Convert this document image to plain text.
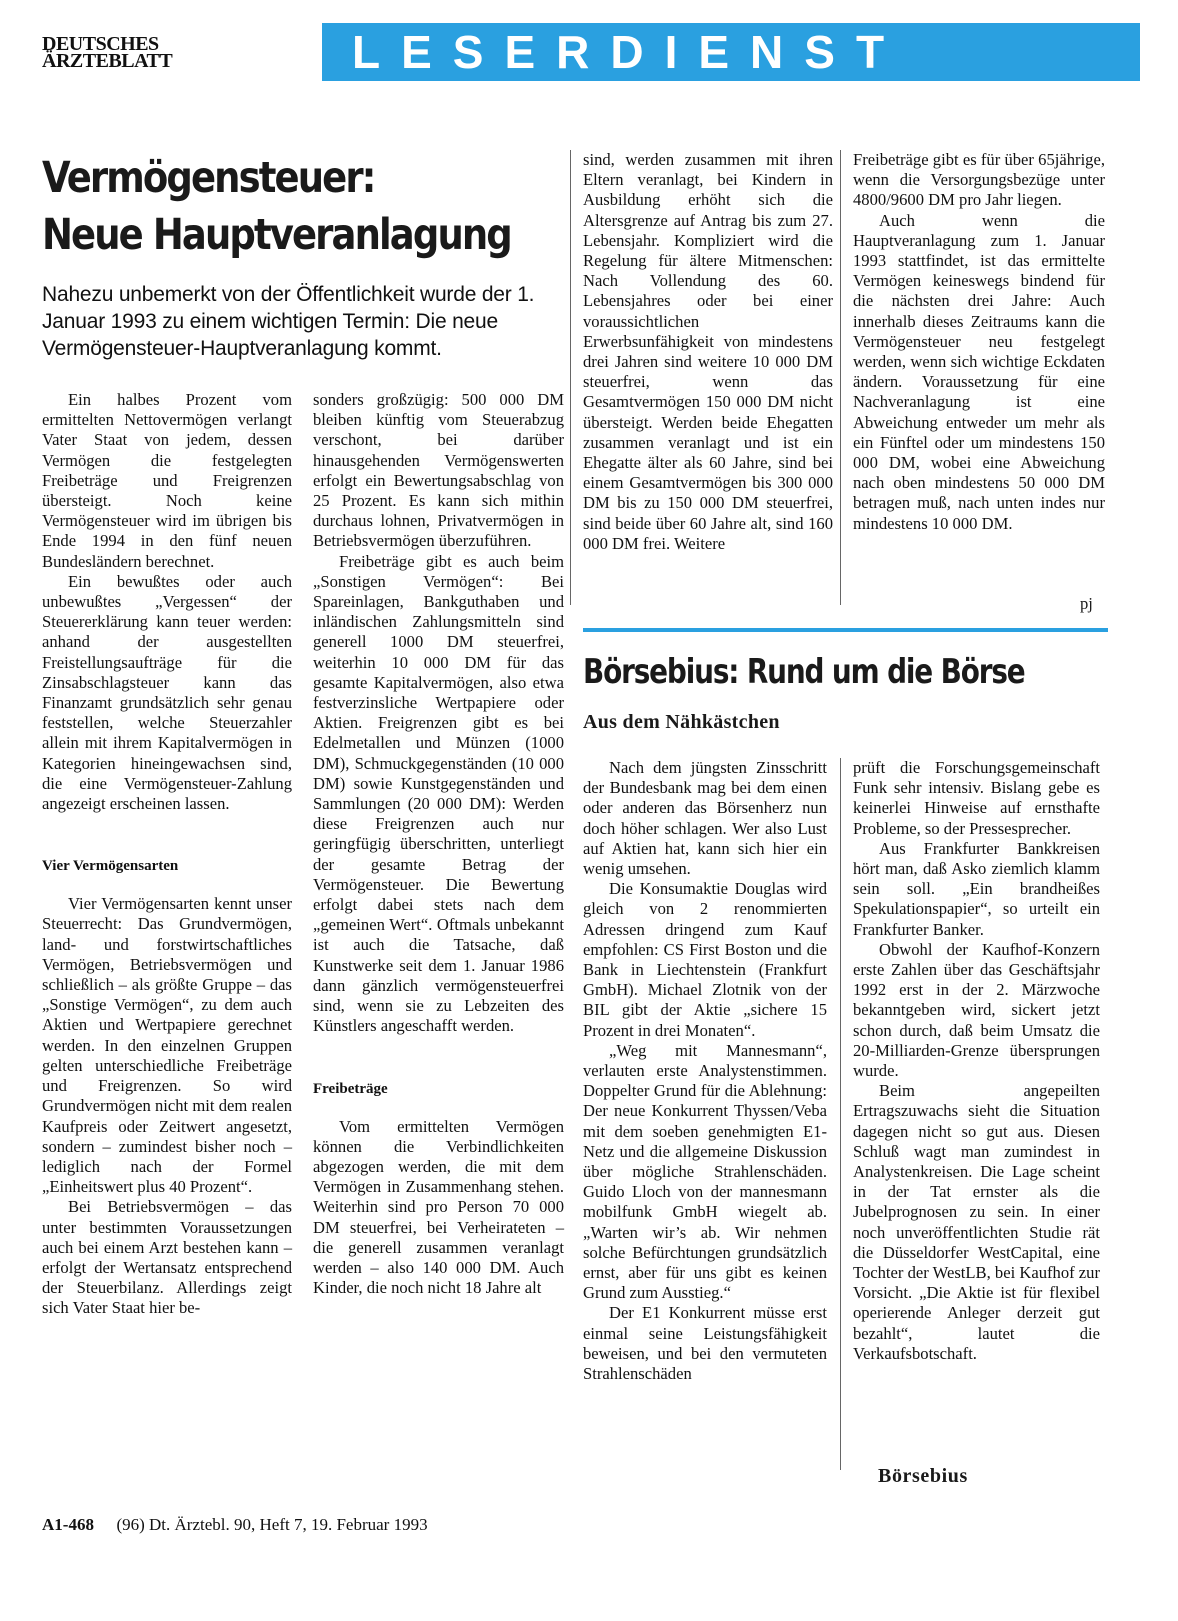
DEUTSCHES
ÄRZTEBLATT	LESERDIENST
Vermögensteuer:
Neue Hauptveranlagung
Nahezu unbemerkt von der Öffentlichkeit wurde der 1. Januar 1993 zu einem wichtigen Termin: Die neue Vermögensteuer-Hauptveranlagung kommt.

Ein halbes Prozent vom ermittelten Nettovermögen verlangt Vater Staat von jedem, dessen Vermögen die festgelegten Freibeträge und Freigrenzen übersteigt. Noch keine Vermögensteuer wird im übrigen bis Ende 1994 in den fünf neuen Bundesländern berechnet.

Ein bewußtes oder auch unbewußtes „Vergessen“ der Steuererklärung kann teuer werden: anhand der ausgestellten Freistellungsaufträge für die Zinsabschlagsteuer kann das Finanzamt grundsätzlich sehr genau feststellen, welche Steuerzahler allein mit ihrem Kapitalvermögen in Kategorien hineingewachsen sind, die eine Vermögensteuer-Zahlung angezeigt erscheinen lassen.

Vier Vermögensarten

Vier Vermögensarten kennt unser Steuerrecht: Das Grundvermögen, land- und forstwirtschaftliches Vermögen, Betriebsvermögen und schließlich – als größte Gruppe – das „Sonstige Vermögen“, zu dem auch Aktien und Wertpapiere gerechnet werden. In den einzelnen Gruppen gelten unterschiedliche Freibeträge und Freigrenzen. So wird Grundvermögen nicht mit dem realen Kaufpreis oder Zeitwert angesetzt, sondern – zumindest bisher noch – lediglich nach der Formel „Einheitswert plus 40 Prozent“.

Bei Betriebsvermögen – das unter bestimmten Voraussetzungen auch bei einem Arzt bestehen kann – erfolgt der Wertansatz entsprechend der Steuerbilanz. Allerdings zeigt sich Vater Staat hier be-

sonders großzügig: 500 000 DM bleiben künftig vom Steuerabzug verschont, bei darüber hinausgehenden Vermögenswerten erfolgt ein Bewertungsabschlag von 25 Prozent. Es kann sich mithin durchaus lohnen, Privatvermögen in Betriebsvermögen überzuführen.

Freibeträge gibt es auch beim „Sonstigen Vermögen“: Bei Spareinlagen, Bankguthaben und inländischen Zahlungsmitteln sind generell 1000 DM steuerfrei, weiterhin 10 000 DM für das gesamte Kapitalvermögen, also etwa festverzinsliche Wertpapiere oder Aktien. Freigrenzen gibt es bei Edelmetallen und Münzen (1000 DM), Schmuckgegenständen (10 000 DM) sowie Kunstgegenständen und Sammlungen (20 000 DM): Werden diese Freigrenzen auch nur geringfügig überschritten, unterliegt der gesamte Betrag der Vermögensteuer. Die Bewertung erfolgt dabei stets nach dem „gemeinen Wert“. Oftmals unbekannt ist auch die Tatsache, daß Kunstwerke seit dem 1. Januar 1986 dann gänzlich vermögensteuerfrei sind, wenn sie zu Lebzeiten des Künstlers angeschafft werden.

Freibeträge

Vom ermittelten Vermögen können die Verbindlichkeiten abgezogen werden, die mit dem Vermögen in Zusammenhang stehen. Weiterhin sind pro Person 70 000 DM steuerfrei, bei Verheirateten – die generell zusammen veranlagt werden – also 140 000 DM. Auch Kinder, die noch nicht 18 Jahre alt

sind, werden zusammen mit ihren Eltern veranlagt, bei Kindern in Ausbildung erhöht sich die Altersgrenze auf Antrag bis zum 27. Lebensjahr. Kompliziert wird die Regelung für ältere Mitmenschen: Nach Vollendung des 60. Lebensjahres oder bei einer voraussichtlichen Erwerbsunfähigkeit von mindestens drei Jahren sind weitere 10 000 DM steuerfrei, wenn das Gesamtvermögen 150 000 DM nicht übersteigt. Werden beide Ehegatten zusammen veranlagt und ist ein Ehegatte älter als 60 Jahre, sind bei einem Gesamtvermögen bis 300 000 DM bis zu 150 000 DM steuerfrei, sind beide über 60 Jahre alt, sind 160 000 DM frei. Weitere

Freibeträge gibt es für über 65jährige, wenn die Versorgungsbezüge unter 4800/9600 DM pro Jahr liegen.

Auch wenn die Hauptveranlagung zum 1. Januar 1993 stattfindet, ist das ermittelte Vermögen keineswegs bindend für die nächsten drei Jahre: Auch innerhalb dieses Zeitraums kann die Vermögensteuer neu festgelegt werden, wenn sich wichtige Eckdaten ändern. Voraussetzung für eine Nachveranlagung ist eine Abweichung entweder um mehr als ein Fünftel oder um mindestens 150 000 DM, wobei eine Abweichung nach oben mindestens 50 000 DM betragen muß, nach unten indes nur mindestens 10 000 DM.

pj
Börsebius: Rund um die Börse
Aus dem Nähkästchen

Nach dem jüngsten Zinsschritt der Bundesbank mag bei dem einen oder anderen das Börsenherz nun doch höher schlagen. Wer also Lust auf Aktien hat, kann sich hier ein wenig umsehen.

Die Konsumaktie Douglas wird gleich von 2 renommierten Adressen dringend zum Kauf empfohlen: CS First Boston und die Bank in Liechtenstein (Frankfurt GmbH). Michael Zlotnik von der BIL gibt der Aktie „sichere 15 Prozent in drei Monaten“.

„Weg mit Mannesmann“, verlauten erste Analystenstimmen. Doppelter Grund für die Ablehnung: Der neue Konkurrent Thyssen/Veba mit dem soeben genehmigten E1-Netz und die allgemeine Diskussion über mögliche Strahlenschäden. Guido Lloch von der mannesmann mobilfunk GmbH wiegelt ab. „Warten wir’s ab. Wir nehmen solche Befürchtungen grundsätzlich ernst, aber für uns gibt es keinen Grund zum Ausstieg.“

Der E1 Konkurrent müsse erst einmal seine Leistungsfähigkeit beweisen, und bei den vermuteten Strahlenschäden

prüft die Forschungsgemeinschaft Funk sehr intensiv. Bislang gebe es keinerlei Hinweise auf ernsthafte Probleme, so der Pressesprecher.

Aus Frankfurter Bankkreisen hört man, daß Asko ziemlich klamm sein soll. „Ein brandheißes Spekulationspapier“, so urteilt ein Frankfurter Banker.

Obwohl der Kaufhof-Konzern erste Zahlen über das Geschäftsjahr 1992 erst in der 2. Märzwoche bekanntgeben wird, sickert jetzt schon durch, daß beim Umsatz die 20-Milliarden-Grenze übersprungen wurde.

Beim angepeilten Ertragszuwachs sieht die Situation dagegen nicht so gut aus. Diesen Schluß wagt man zumindest in Analystenkreisen. Die Lage scheint in der Tat ernster als die Jubelprognosen zu sein. In einer noch unveröffentlichten Studie rät die Düsseldorfer WestCapital, eine Tochter der WestLB, bei Kaufhof zur Vorsicht. „Die Aktie ist für flexibel operierende Anleger derzeit gut bezahlt“, lautet die Verkaufsbotschaft.

Börsebius
A1-468 (96) Dt. Ärztebl. 90, Heft 7, 19. Februar 1993
